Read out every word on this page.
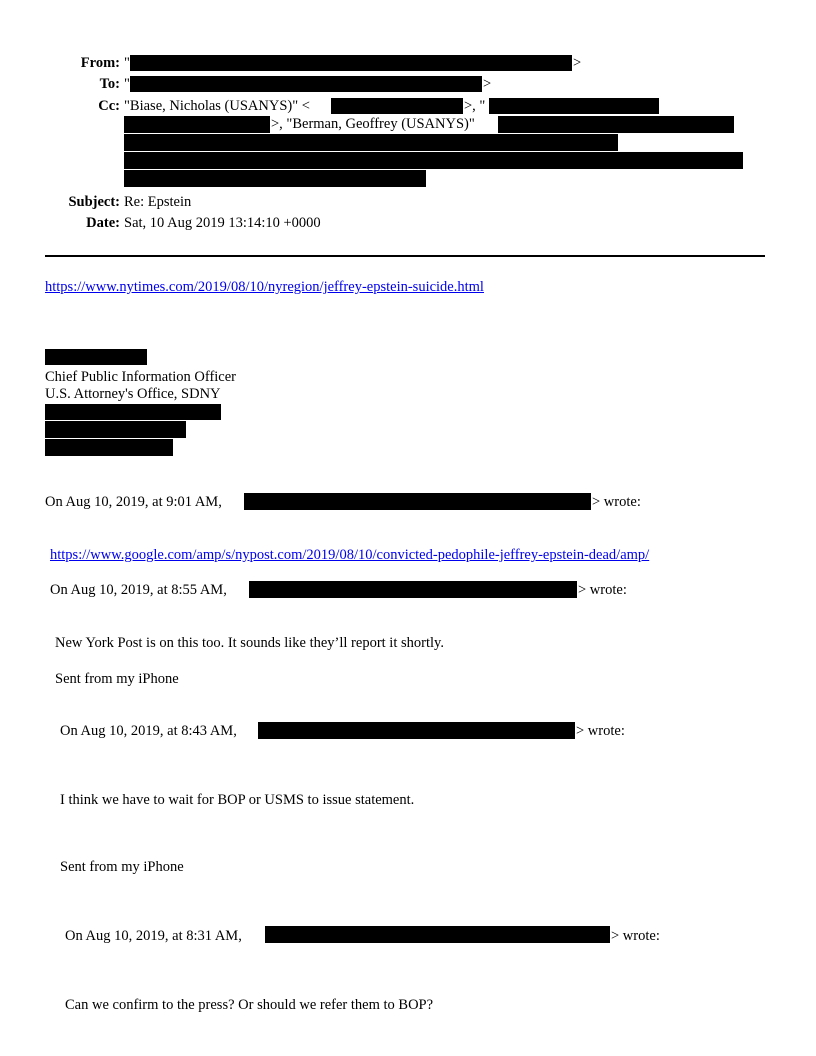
From: "	>
To: "	>
Cc: "Biase, Nicholas (USANYS)" <	>, "
>, "Berman, Geoffrey (USANYS)"
Subject: Re: Epstein
Date: Sat, 10 Aug 2019 13:14:10 +0000
https://www.nytimes.com/2019/08/10/nyregion/jeffrey-epstein-suicide.html
Chief Public Information Officer
U.S. Attorney's Office, SDNY
On Aug 10, 2019, at 9:01 AM,	> wrote:
https://www.google.com/amp/s/nypost.com/2019/08/10/convicted-pedophile-jeffrey-epstein-dead/amp/
On Aug 10, 2019, at 8:55 AM,	> wrote:
New York Post is on this too. It sounds like they’ll report it shortly.
Sent from my iPhone
On Aug 10, 2019, at 8:43 AM,	> wrote:
I think we have to wait for BOP or USMS to issue statement.
Sent from my iPhone
On Aug 10, 2019, at 8:31 AM,	> wrote:
Can we confirm to the press? Or should we refer them to BOP?
